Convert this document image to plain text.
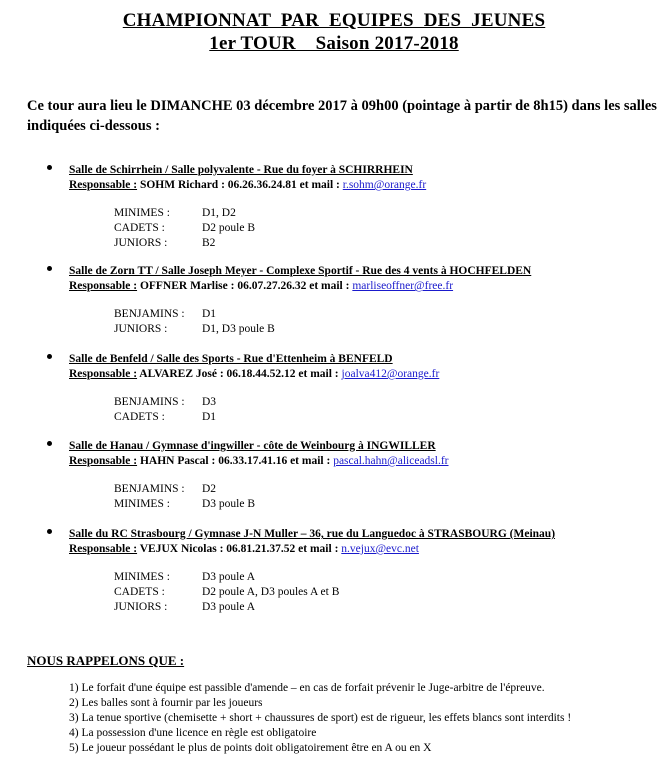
CHAMPIONNAT  PAR  EQUIPES  DES  JEUNES
1er TOUR    Saison 2017-2018
Ce tour aura lieu le DIMANCHE 03 décembre 2017 à 09h00 (pointage à partir de 8h15) dans les salles indiquées ci-dessous :
Salle de Schirrhein / Salle polyvalente - Rue du foyer à SCHIRRHEIN
Responsable : SOHM Richard : 06.26.36.24.81 et mail : r.sohm@orange.fr
MINIMES :	D1, D2
CADETS :	D2 poule B
JUNIORS :	B2
Salle de Zorn TT / Salle Joseph Meyer - Complexe Sportif - Rue des 4 vents à HOCHFELDEN
Responsable : OFFNER Marlise : 06.07.27.26.32 et mail : marliseoffner@free.fr
BENJAMINS : D1
JUNIORS :	D1, D3 poule B
Salle de Benfeld / Salle des Sports - Rue d'Ettenheim à BENFELD
Responsable : ALVAREZ José : 06.18.44.52.12 et mail : joalva412@orange.fr
BENJAMINS : D3
CADETS :	D1
Salle de Hanau / Gymnase d'ingwiller - côte de Weinbourg à INGWILLER
Responsable : HAHN Pascal : 06.33.17.41.16 et mail : pascal.hahn@aliceadsl.fr
BENJAMINS : D2
MINIMES :	D3 poule B
Salle du RC Strasbourg / Gymnase J-N Muller – 36, rue du Languedoc à STRASBOURG (Meinau)
Responsable : VEJUX Nicolas : 06.81.21.37.52 et mail : n.vejux@evc.net
MINIMES :	D3 poule A
CADETS :	D2 poule A, D3 poules A et B
JUNIORS :	D3 poule A
NOUS RAPPELONS QUE :
1) Le forfait d'une équipe est passible d'amende – en cas de forfait prévenir le Juge-arbitre de l'épreuve.
2) Les balles sont à fournir par les joueurs
3) La tenue sportive (chemisette + short + chaussures de sport) est de rigueur, les effets blancs sont interdits !
4) La possession d'une licence en règle est obligatoire
5) Le joueur possédant le plus de points doit obligatoirement être en A ou en X
